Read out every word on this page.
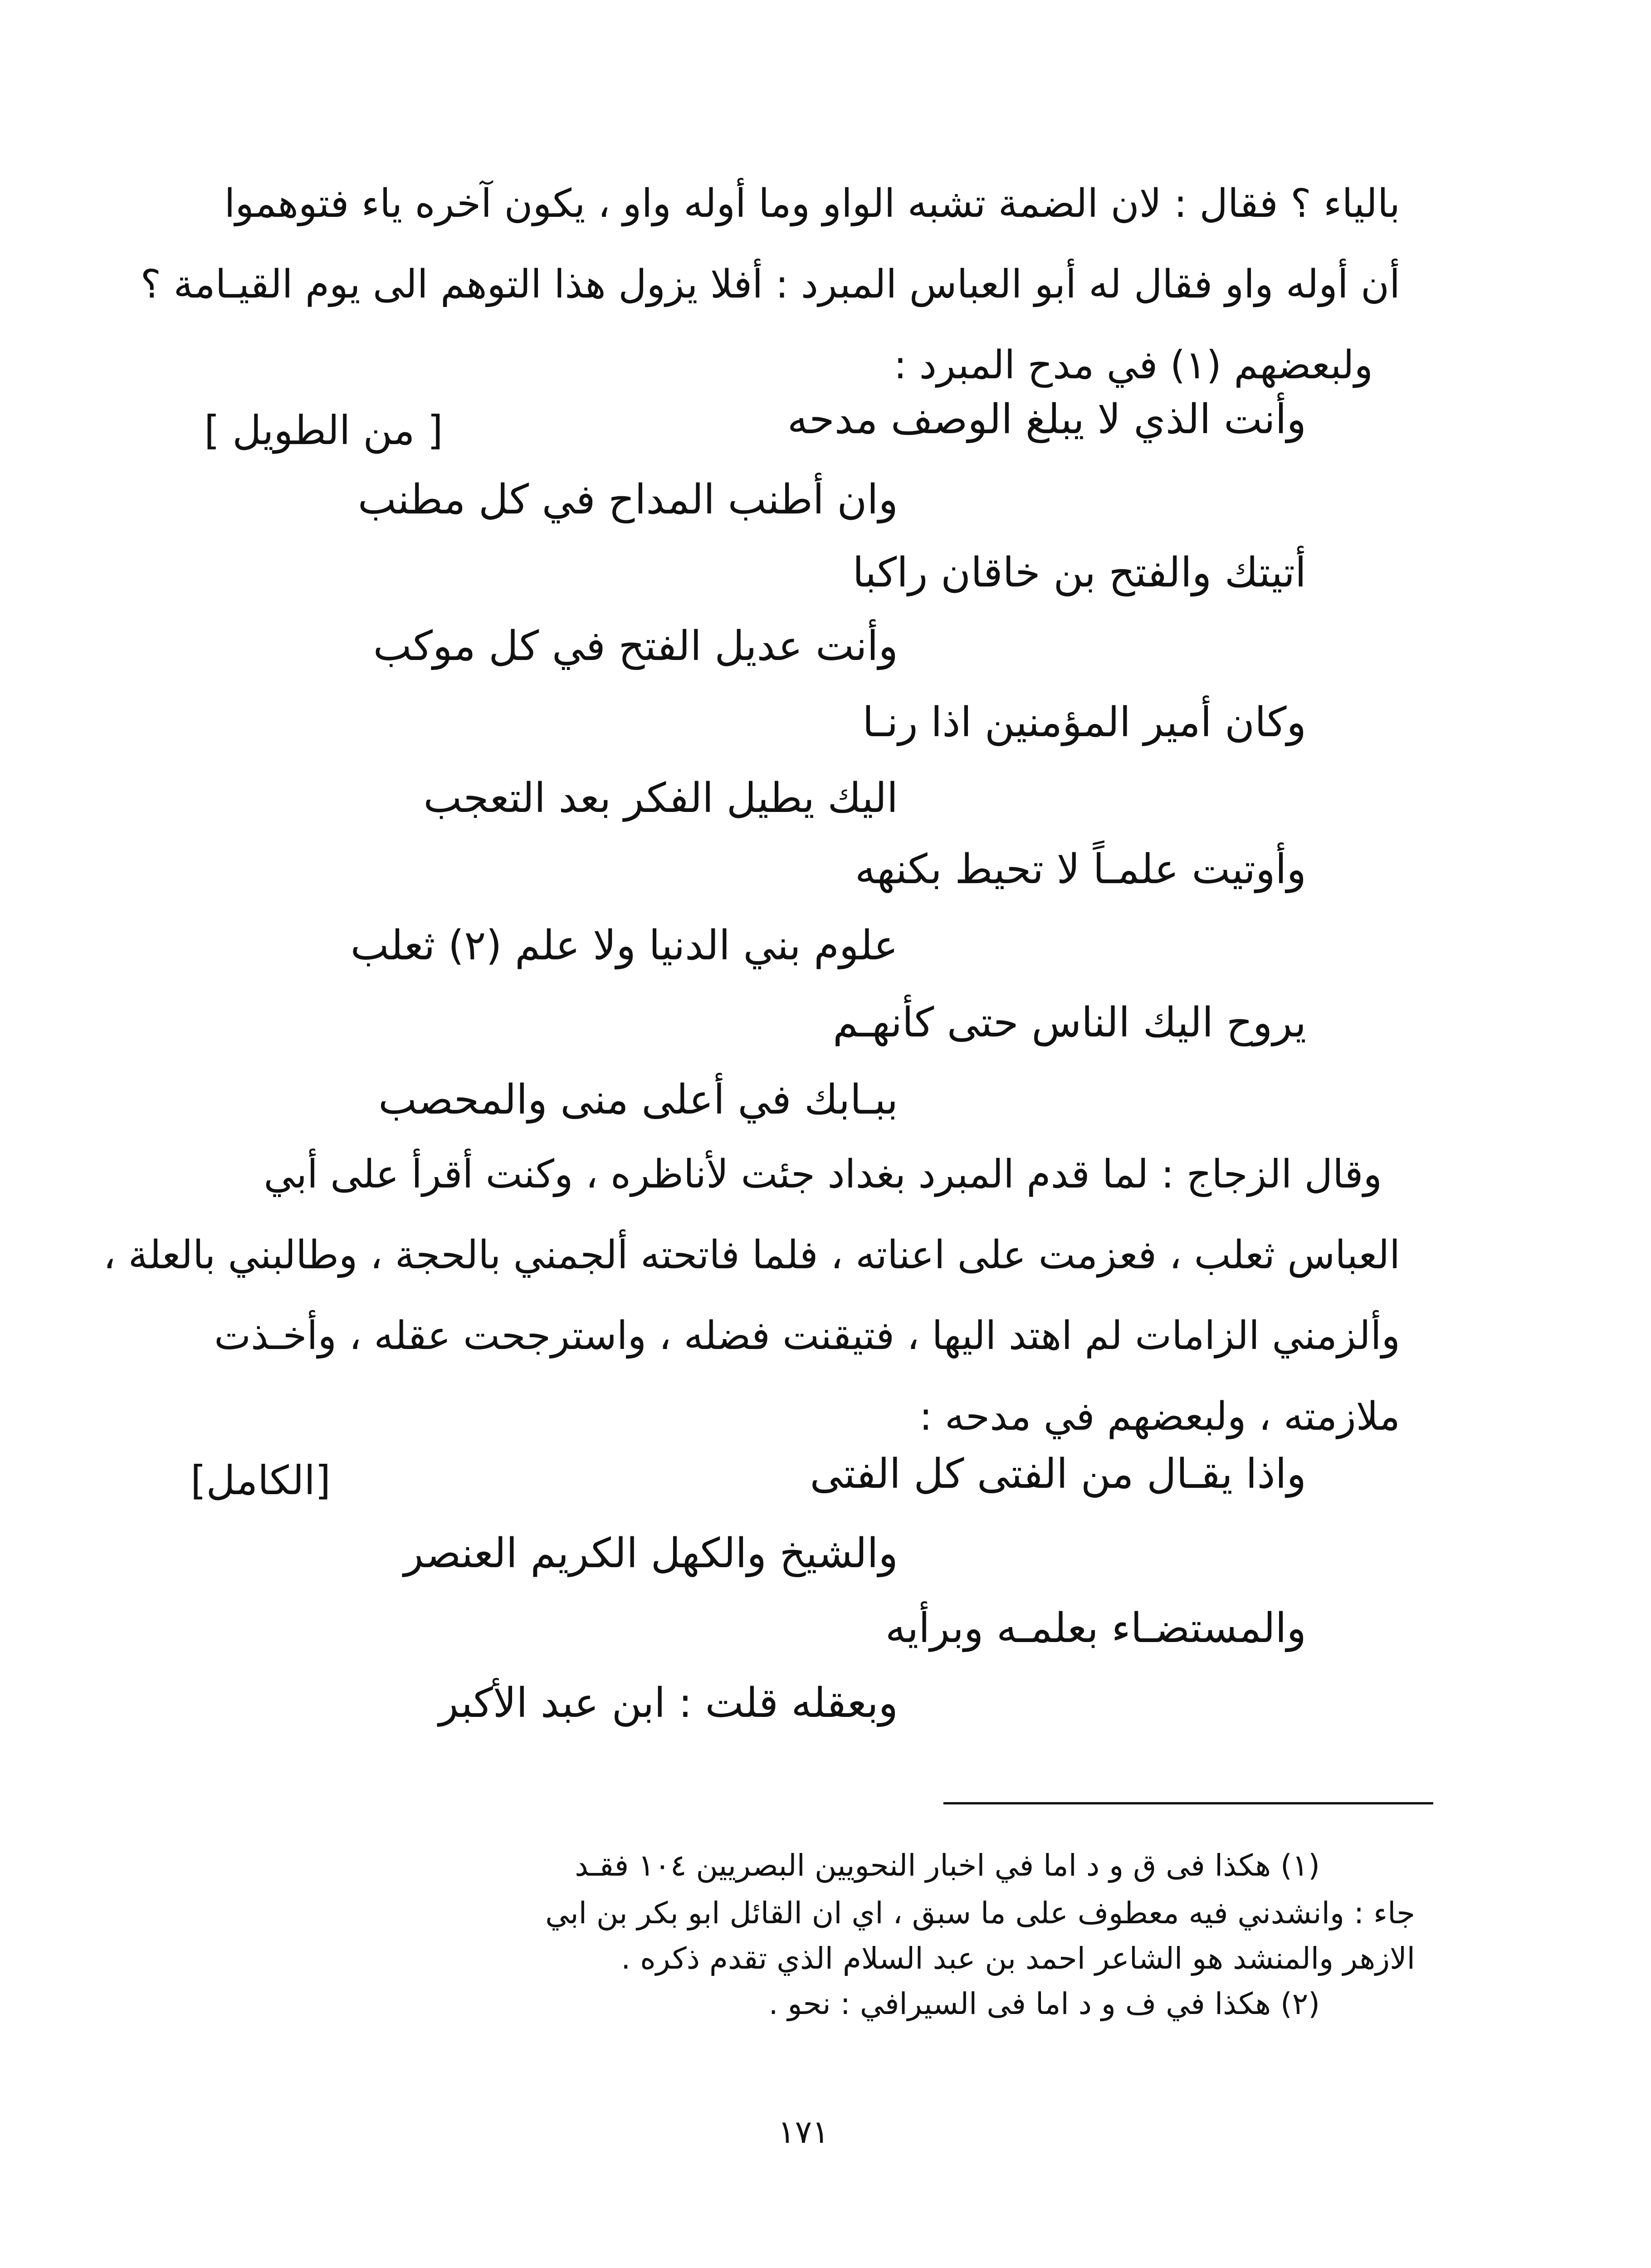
بالياء ؟ فقال : لان الضمة تشبه الواو وما أوله واو ، يكون آخره ياء فتوهموا
أن أوله واو فقال له أبو العباس المبرد : أفلا يزول هذا التوهم الى يوم القيـامة ؟
ولبعضهم (١) في مدح المبرد :
[ من الطويل ]	وأنت الذي لا يبلغ الوصف مدحه
وان أطنب المداح في كل مطنب
أتيتك والفتح بن خاقان راكبا
وأنت عديل الفتح في كل موكب
وكان أمير المؤمنين اذا رنـا
اليك يطيل الفكر بعد التعجب
وأوتيت علمـاً لا تحيط بكنهه
علوم بني الدنيا ولا علم (٢) ثعلب
يروح اليك الناس حتى كأنهـم
ببـابك في أعلى منى والمحصب
وقال الزجاج : لما قدم المبرد بغداد جئت لأناظره ، وكنت أقرأ على أبي
العباس ثعلب ، فعزمت على اعناته ، فلما فاتحته ألجمني بالحجة ، وطالبني بالعلة ،
وألزمني الزامات لم اهتد اليها ، فتيقنت فضله ، واسترجحت عقله ، وأخـذت
ملازمته ، ولبعضهم في مدحه :
[الكامل]	واذا يقـال من الفتى كل الفتى
والشيخ والكهل الكريم العنصر
والمستضـاء بعلمـه وبرأيه
وبعقله قلت : ابن عبد الأكبر
(١) هكذا فى ق و د اما في اخبار النحويين البصريين ١٠٤ فقـد
جاء : وانشدني فيه معطوف على ما سبق ، اي ان القائل ابو بكر بن ابي
الازهر والمنشد هو الشاعر احمد بن عبد السلام الذي تقدم ذكره .
(٢) هكذا في ف و د اما فى السيرافي : نحو .
١٧١
